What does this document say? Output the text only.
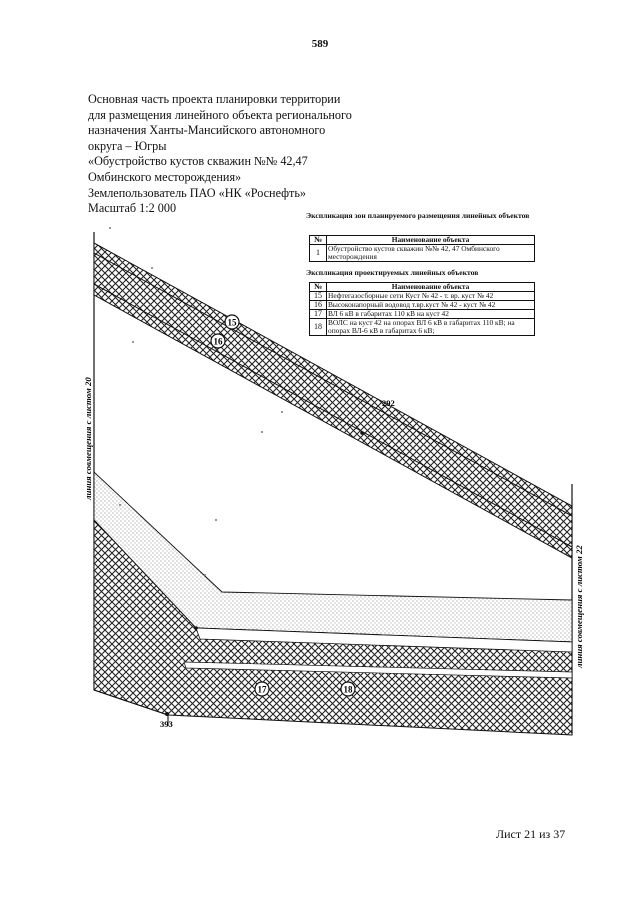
589
Основная часть проекта планировки территории
для размещения линейного объекта регионального
назначения Ханты-Мансийского автономного
округа – Югры
«Обустройство кустов скважин №№ 42,47
Омбинского месторождения»
Землепользователь ПАО «НК «Роснефть»
Масштаб 1:2 000
15
16
17	18
292
393
линия совмещения с листом 20
линия совмещения с листом 22
Экспликация зон планируемого размещения линейных объектов
№	Наименование объекта
1	Обустройство кустов скважин №№ 42, 47 Омбинского месторождения
Экспликация проектируемых линейных объектов
№	Наименование объекта
15	Нефтегазосборные сети Куст № 42 - т. вр. куст № 42
16	Высоконапорный водовод т.вр.куст № 42 - куст № 42
17	ВЛ 6 кВ в габаритах 110 кВ на куст 42
18	ВОЛС на куст 42 на опорах ВЛ 6 кВ в габаритах 110 кВ; на опорах ВЛ-6 кВ в габаритах 6 кВ;
Лист 21 из 37
